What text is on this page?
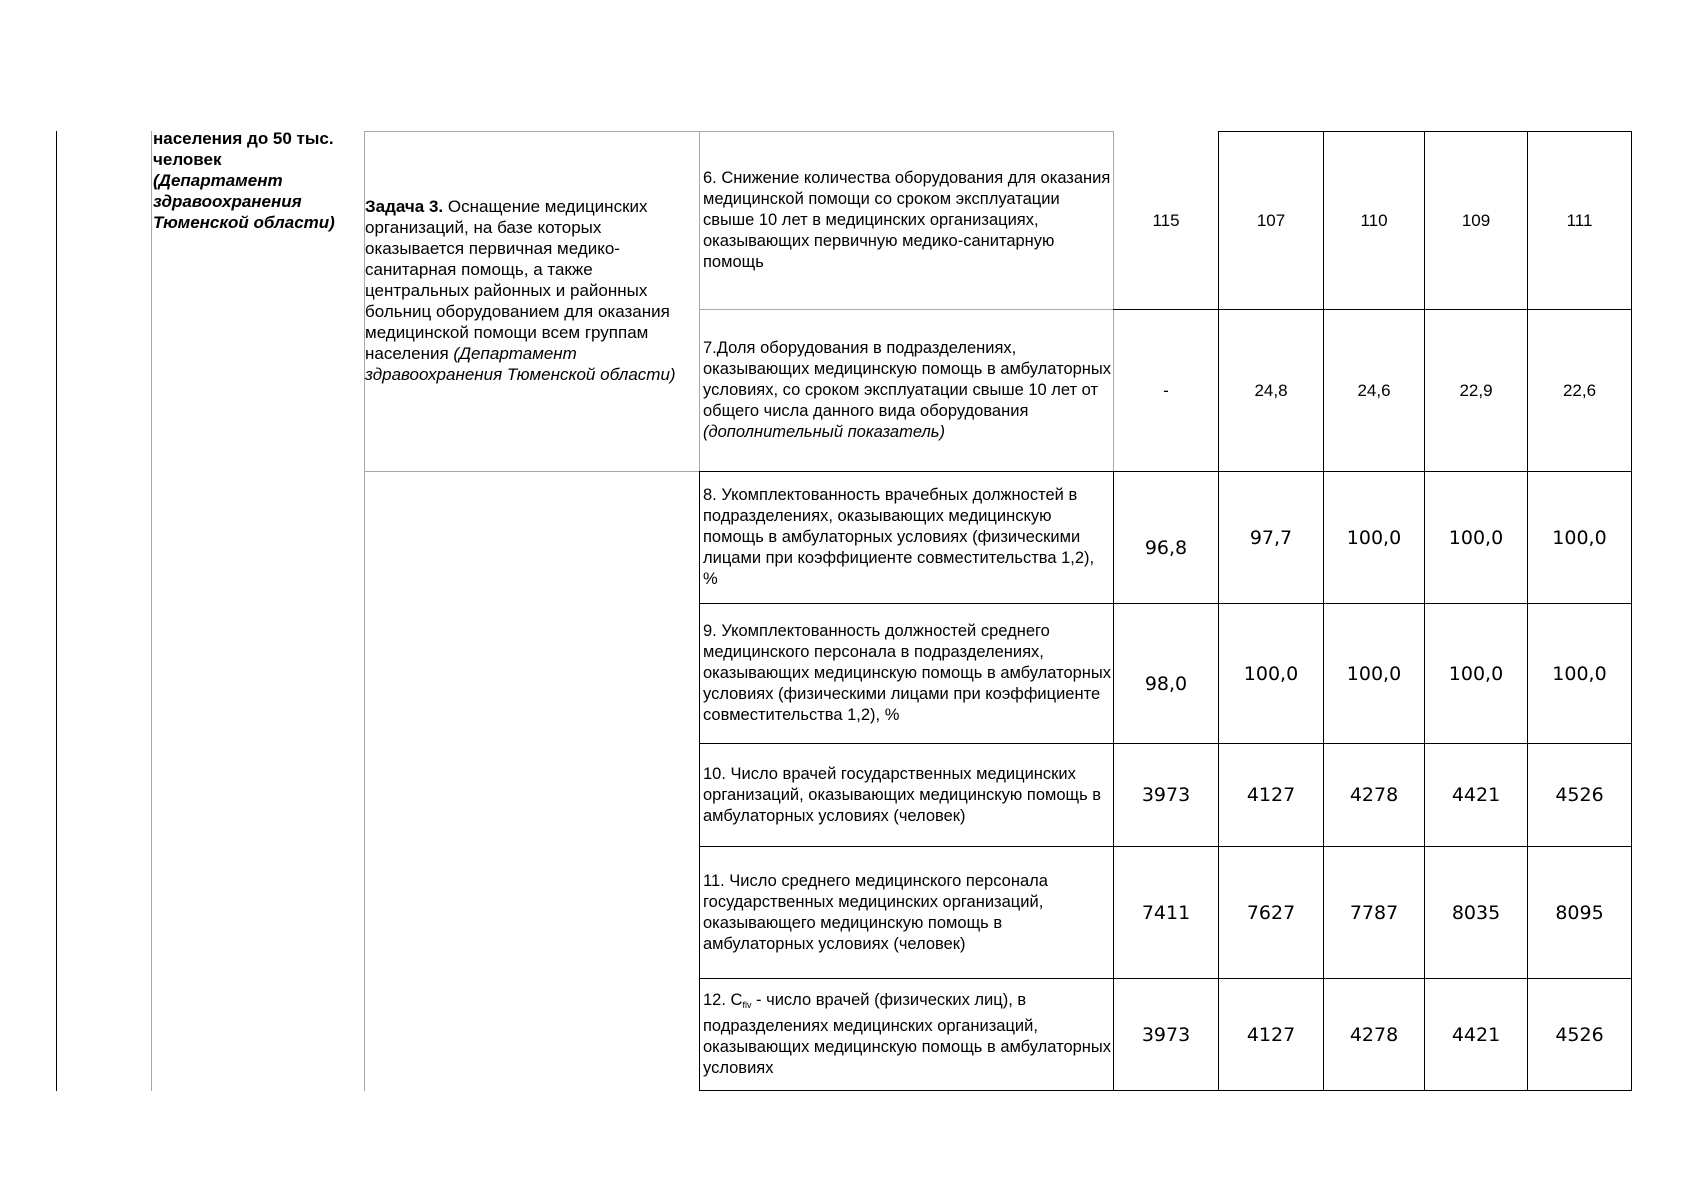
населения до 50 тыс. человек
(Департамент здравоохранения Тюменской области)
Задача 3. Оснащение медицинских организаций, на базе которых оказывается первичная медико-санитарная помощь, а также центральных районных и районных больниц оборудованием для оказания медицинской помощи всем группам населения (Департамент здравоохранения Тюменской области)
6. Снижение количества оборудования для оказания медицинской помощи со сроком эксплуатации свыше 10 лет в медицинских организациях, оказывающих первичную медико-санитарную помощь
115	107	110	109	111
7.Доля оборудования в подразделениях, оказывающих медицинскую помощь в амбулаторных условиях, со сроком эксплуатации свыше 10 лет от общего числа данного вида оборудования (дополнительный показатель)
-	24,8	24,6	22,9	22,6
8. Укомплектованность врачебных должностей в подразделениях, оказывающих медицинскую помощь в амбулаторных условиях (физическими лицами при коэффициенте совместительства 1,2), %
96,8	97,7	100,0	100,0	100,0
9. Укомплектованность должностей среднего медицинского персонала в подразделениях, оказывающих медицинскую помощь в амбулаторных условиях (физическими лицами при коэффициенте совместительства 1,2), %
98,0	100,0	100,0	100,0	100,0
10. Число врачей государственных медицинских организаций, оказывающих медицинскую помощь в амбулаторных условиях (человек)
3973	4127	4278	4421	4526
11. Число среднего медицинского персонала государственных медицинских организаций, оказывающего медицинскую помощь в амбулаторных условиях (человек)
7411	7627	7787	8035	8095
12. $C_{flv}$ - число врачей (физических лиц), в подразделениях медицинских организаций, оказывающих медицинскую помощь в амбулаторных условиях
3973	4127	4278	4421	4526
